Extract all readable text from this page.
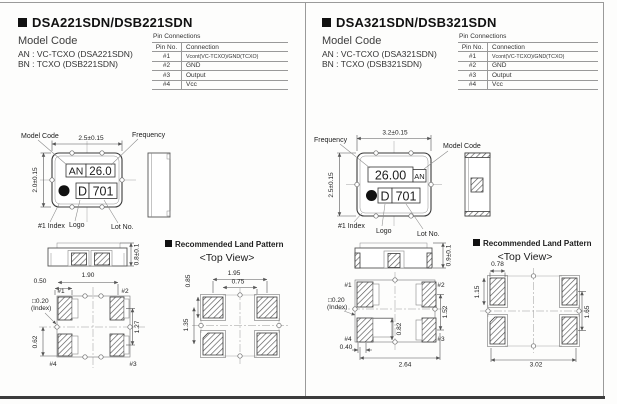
DSA221SDN/DSB221SDN
Model Code
AN : VC-TCXO (DSA221SDN)
BN : TCXO (DSB221SDN)
Pin Connections
Pin No.	Connection
#1	Vcont(VC-TCXO)/GND(TCXO)
#2	GND
#3	Output
#4	Vcc
AN 26.0
D 701
2.5±0.15
2.0±0.15
Model Code	Frequency
#1 Index Logo	Lot No.
Recommended Land Pattern
<Top View>
0.8±0.1
#1	#2
#4	#3
1.90
0.50
1.27
0.62
□0.20
(Index)
1.95
0.75
0.85
1.35
DSA321SDN/DSB321SDN
Model Code
AN : VC-TCXO (DSA321SDN)
BN : TCXO (DSB321SDN)
Pin Connections
Pin No.	Connection
#1	Vcont(VC-TCXO)/GND(TCXO)
#2	GND
#3	Output
#4	Vcc
26.00 AN
D 701
3.2±0.15
2.5±0.15
Frequency
Model Code
#1 Index
Logo	Lot No.
Recommended Land Pattern
<Top View>
0.9±0.1
#1	#2
#4	#3
□0.20
(Index)
0.82
1.52
0.40
2.64
0.78
1.15
1.65
3.02
